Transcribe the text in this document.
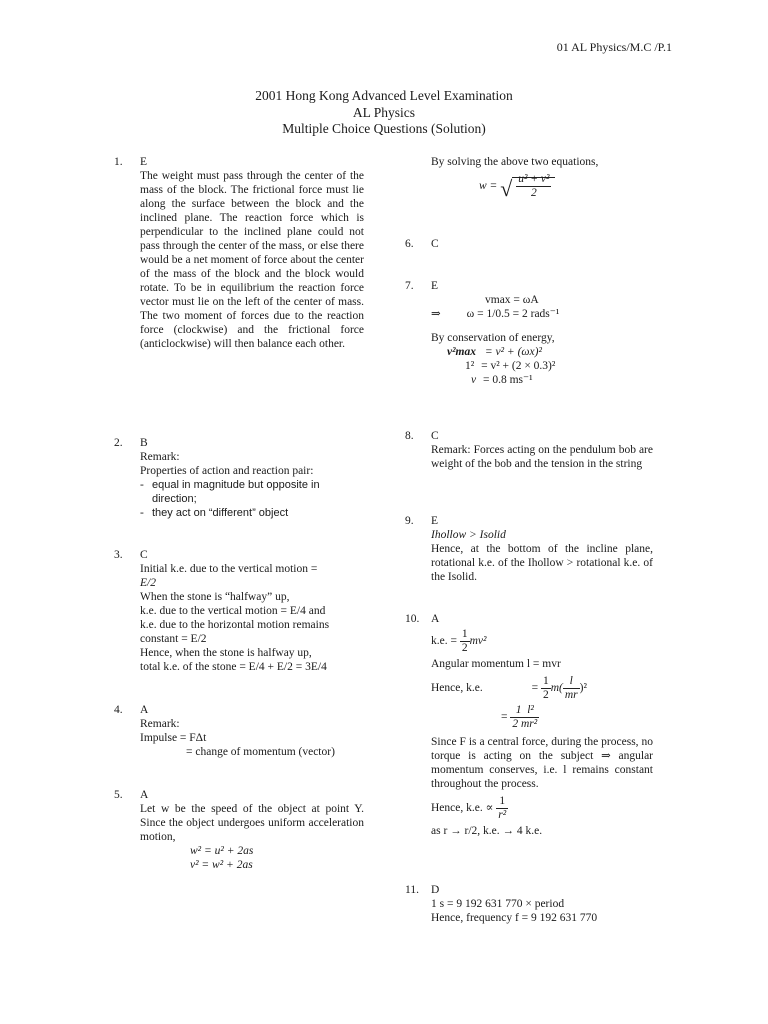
01 AL Physics/M.C /P.1
2001 Hong Kong Advanced Level Examination
AL Physics
Multiple Choice Questions (Solution)
1. E
The weight must pass through the center of the mass of the block. The frictional force must lie along the surface between the block and the inclined plane. The reaction force which is perpendicular to the inclined plane could not pass through the center of the mass, or else there would be a net moment of force about the center of the mass of the block and the block would rotate. To be in equilibrium the reaction force vector must lie on the left of the center of mass. The two moment of forces due to the reaction force (clockwise) and the frictional force (anticlockwise) will then balance each other.
2. B
Remark:
Properties of action and reaction pair:
- equal in magnitude but opposite in direction;
- they act on “different” object
3. C
Initial k.e. due to the vertical motion =
E/2
When the stone is “halfway” up,
k.e. due to the vertical motion = E/4 and
k.e. due to the horizontal motion remains
constant = E/2
Hence, when the stone is halfway up,
total k.e. of the stone = E/4 + E/2 = 3E/4
4. A
Remark:
Impulse = FΔt
= change of momentum (vector)
5. A
Let w be the speed of the object at point Y. Since the object undergoes uniform acceleration motion,
w² = u² + 2as
v² = w² + 2as
By solving the above two equations,
w = √ $\frac{\text{u² + v²}}{2}$
6. C
7. E
vmax = ωA
⇒ ω = 1/0.5 = 2 rads⁻¹
By conservation of energy,
v²max = v² + (ωx)²
1² = v² + (2 × 0.3)²
v = 0.8 ms⁻¹
8. C
Remark: Forces acting on the pendulum bob are weight of the bob and the tension in the string
9. E
Ihollow > Isolid
Hence, at the bottom of the incline plane, rotational k.e. of the Ihollow > rotational k.e. of the Isolid.
10. A
k.e. = $\frac{1}{2} mv^2$
Angular momentum l = mvr
Hence, k.e.	= $\frac{1}{2} m( \frac{l}{mr} )^2$
= $\frac{\text{1 l²}}{\text{2 mr²}}$
Since F is a central force, during the process, no torque is acting on the subject ⇒ angular momentum conserves, i.e. l remains constant throughout the process.
Hence, k.e. ∝ $\frac{1}{\text{r²}}$
as r → r/2, k.e. → 4 k.e.
11. D
1 s = 9 192 631 770 × period
Hence, frequency f = 9 192 631 770
